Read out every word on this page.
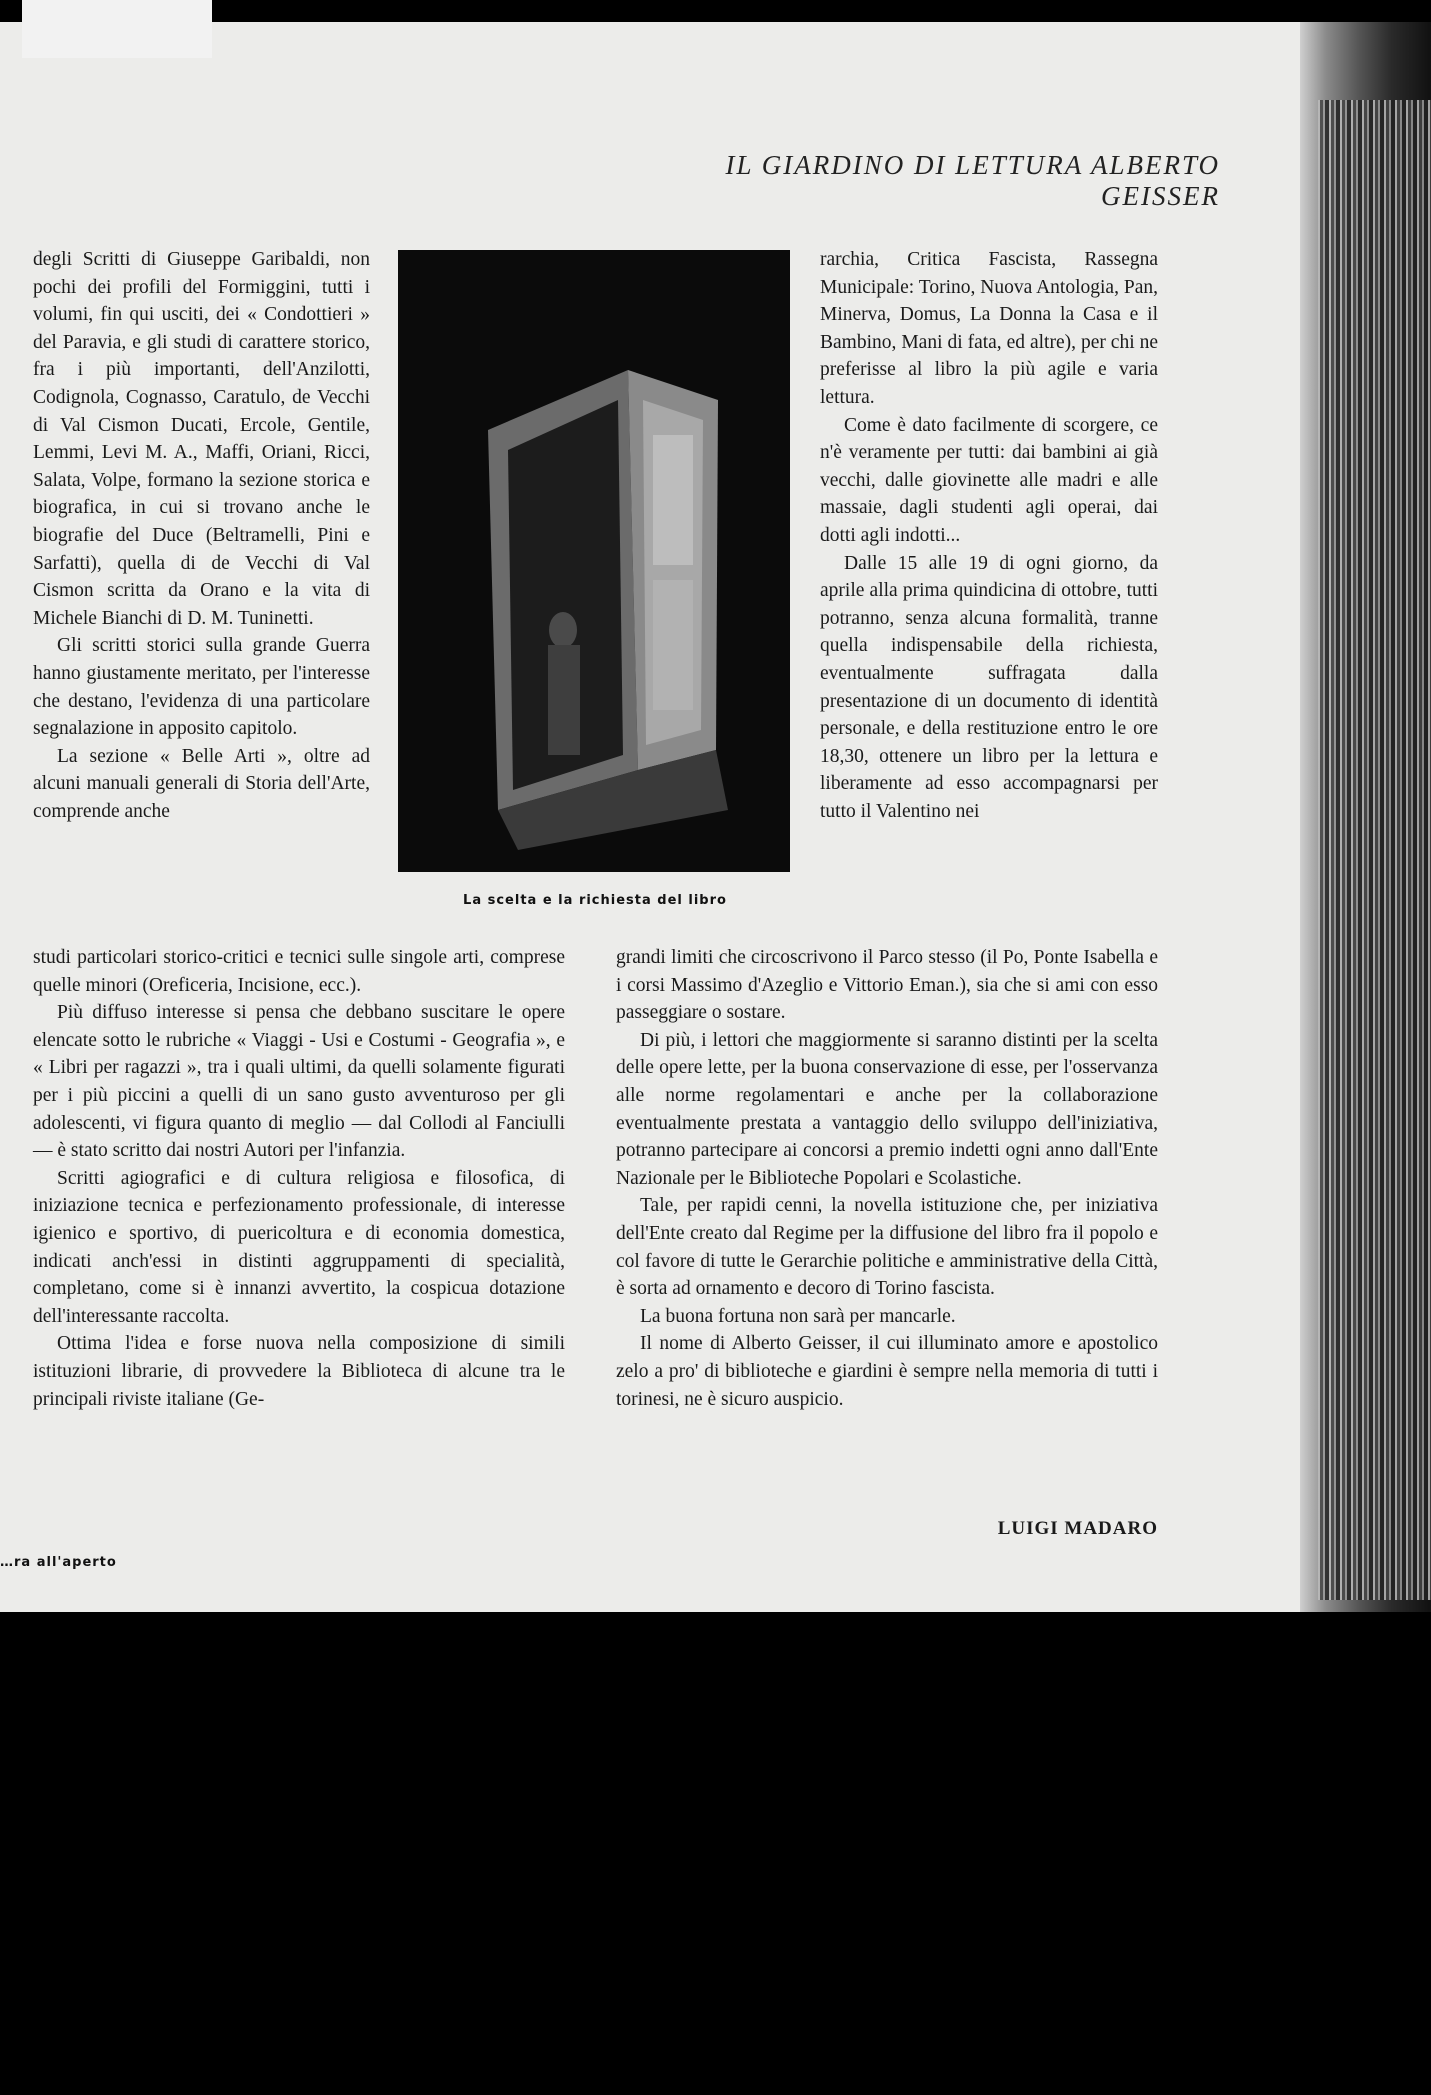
IL GIARDINO DI LETTURA ALBERTO GEISSER

degli Scritti di Giuseppe Garibaldi, non pochi dei profili del Formiggini, tutti i volumi, fin qui usciti, dei « Condottieri » del Paravia, e gli studi di carattere storico, fra i più importanti, dell'Anzilotti, Codignola, Cognasso, Caratulo, de Vecchi di Val Cismon Ducati, Ercole, Gentile, Lemmi, Levi M. A., Maffi, Oriani, Ricci, Salata, Volpe, formano la sezione storica e biografica, in cui si trovano anche le biografie del Duce (Beltramelli, Pini e Sarfatti), quella di de Vecchi di Val Cismon scritta da Orano e la vita di Michele Bianchi di D. M. Tuninetti.

Gli scritti storici sulla grande Guerra hanno giustamente meritato, per l'interesse che destano, l'evidenza di una particolare segnalazione in apposito capitolo.

La sezione « Belle Arti », oltre ad alcuni manuali generali di Storia dell'Arte, comprende anche

La scelta e la richiesta del libro

rarchia, Critica Fascista, Rassegna Municipale: Torino, Nuova Antologia, Pan, Minerva, Domus, La Donna la Casa e il Bambino, Mani di fata, ed altre), per chi ne preferisse al libro la più agile e varia lettura.

Come è dato facilmente di scorgere, ce n'è veramente per tutti: dai bambini ai già vecchi, dalle giovinette alle madri e alle massaie, dagli studenti agli operai, dai dotti agli indotti...

Dalle 15 alle 19 di ogni giorno, da aprile alla prima quindicina di ottobre, tutti potranno, senza alcuna formalità, tranne quella indispensabile della richiesta, eventualmente suffragata dalla presentazione di un documento di identità personale, e della restituzione entro le ore 18,30, ottenere un libro per la lettura e liberamente ad esso accompagnarsi per tutto il Valentino nei

studi particolari storico-critici e tecnici sulle singole arti, comprese quelle minori (Oreficeria, Incisione, ecc.).

Più diffuso interesse si pensa che debbano suscitare le opere elencate sotto le rubriche « Viaggi - Usi e Costumi - Geografia », e « Libri per ragazzi », tra i quali ultimi, da quelli solamente figurati per i più piccini a quelli di un sano gusto avventuroso per gli adolescenti, vi figura quanto di meglio — dal Collodi al Fanciulli — è stato scritto dai nostri Autori per l'infanzia.

Scritti agiografici e di cultura religiosa e filosofica, di iniziazione tecnica e perfezionamento professionale, di interesse igienico e sportivo, di puericoltura e di economia domestica, indicati anch'essi in distinti aggruppamenti di specialità, completano, come si è innanzi avvertito, la cospicua dotazione dell'interessante raccolta.

Ottima l'idea e forse nuova nella composizione di simili istituzioni librarie, di provvedere la Biblioteca di alcune tra le principali riviste italiane (Ge-

grandi limiti che circoscrivono il Parco stesso (il Po, Ponte Isabella e i corsi Massimo d'Azeglio e Vittorio Eman.), sia che si ami con esso passeggiare o sostare.

Di più, i lettori che maggiormente si saranno distinti per la scelta delle opere lette, per la buona conservazione di esse, per l'osservanza alle norme regolamentari e anche per la collaborazione eventualmente prestata a vantaggio dello sviluppo dell'iniziativa, potranno partecipare ai concorsi a premio indetti ogni anno dall'Ente Nazionale per le Biblioteche Popolari e Scolastiche.

Tale, per rapidi cenni, la novella istituzione che, per iniziativa dell'Ente creato dal Regime per la diffusione del libro fra il popolo e col favore di tutte le Gerarchie politiche e amministrative della Città, è sorta ad ornamento e decoro di Torino fascista.

La buona fortuna non sarà per mancarle.

Il nome di Alberto Geisser, il cui illuminato amore e apostolico zelo a pro' di biblioteche e giardini è sempre nella memoria di tutti i torinesi, ne è sicuro auspicio.

LUIGI MADARO
…ra all'aperto
